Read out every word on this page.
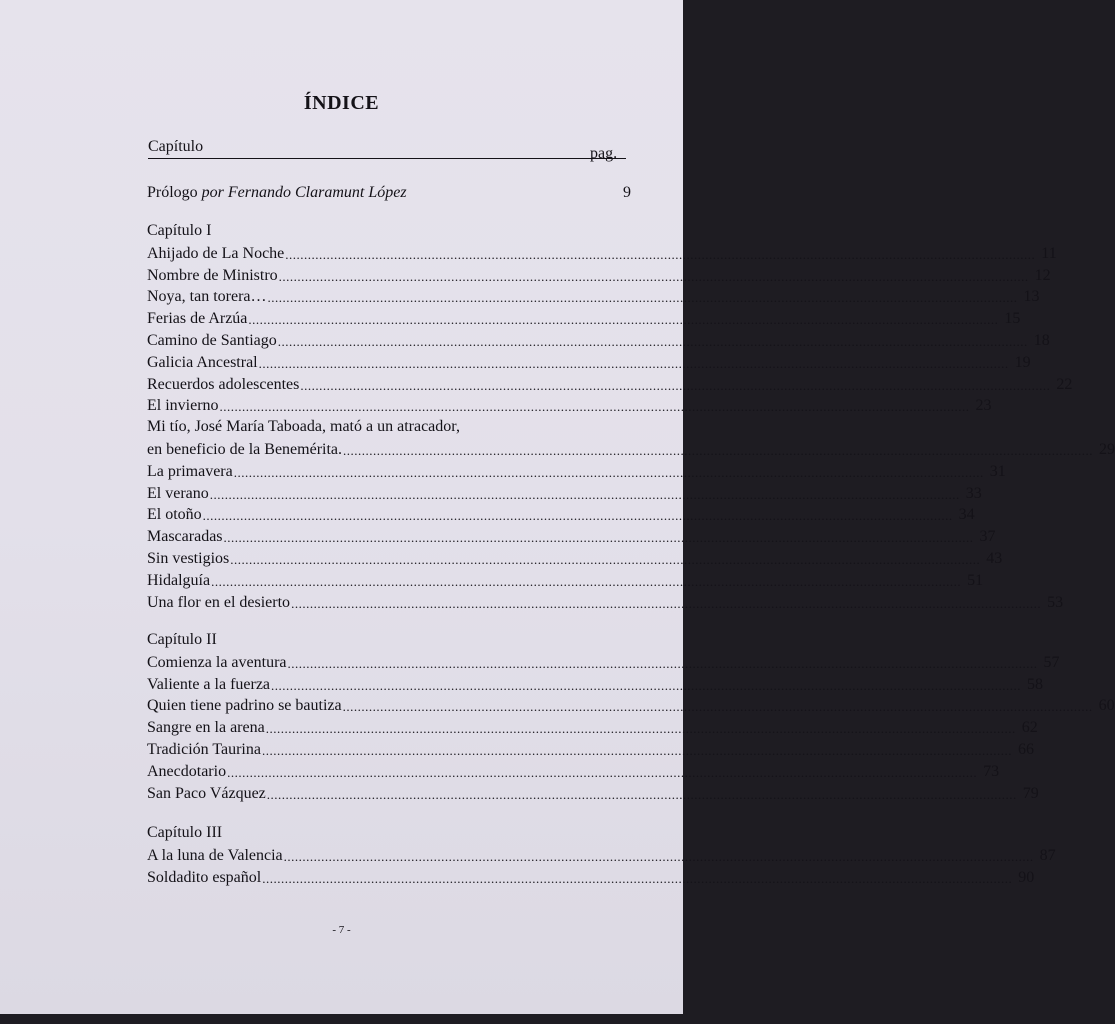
ÍNDICE
Capítulo	pag.
Prólogo por Fernando Claramunt López	9
Capítulo I
Ahijado de La Noche ........................................................................................................................................................................................................ 11
Nombre de Ministro ........................................................................................................................................................................................................ 12
Noya, tan torera… ........................................................................................................................................................................................................ 13
Ferias de Arzúa ........................................................................................................................................................................................................ 15
Camino de Santiago ........................................................................................................................................................................................................ 18
Galicia Ancestral ........................................................................................................................................................................................................ 19
Recuerdos adolescentes ........................................................................................................................................................................................................ 22
El invierno ........................................................................................................................................................................................................ 23
Mi tío, José María Taboada, mató a un atracador,
en beneficio de la Benemérita. ........................................................................................................................................................................................................ 29
La primavera ........................................................................................................................................................................................................ 31
El verano ........................................................................................................................................................................................................ 33
El otoño ........................................................................................................................................................................................................ 34
Mascaradas ........................................................................................................................................................................................................ 37
Sin vestigios ........................................................................................................................................................................................................ 43
Hidalguía ........................................................................................................................................................................................................ 51
Una flor en el desierto ........................................................................................................................................................................................................ 53
Capítulo II
Comienza la aventura ........................................................................................................................................................................................................ 57
Valiente a la fuerza ........................................................................................................................................................................................................ 58
Quien tiene padrino se bautiza ........................................................................................................................................................................................................ 60
Sangre en la arena ........................................................................................................................................................................................................ 62
Tradición Taurina ........................................................................................................................................................................................................ 66
Anecdotario ........................................................................................................................................................................................................ 73
San Paco Vázquez ........................................................................................................................................................................................................ 79
Capítulo III
A la luna de Valencia ........................................................................................................................................................................................................ 87
Soldadito español ........................................................................................................................................................................................................ 90
- 7 -
